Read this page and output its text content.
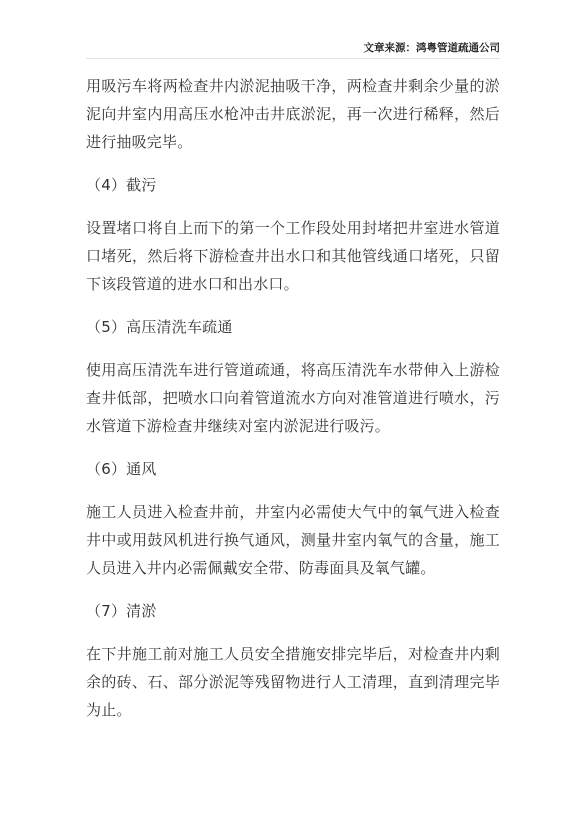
文章来源：鸿粤管道疏通公司

用吸污车将两检查井内淤泥抽吸干净，两检查井剩余少量的淤泥向井室内用高压水枪冲击井底淤泥，再一次进行稀释，然后进行抽吸完毕。

（4）截污

设置堵口将自上而下的第一个工作段处用封堵把井室进水管道口堵死，然后将下游检查井出水口和其他管线通口堵死，只留下该段管道的进水口和出水口。

（5）高压清洗车疏通

使用高压清洗车进行管道疏通，将高压清洗车水带伸入上游检查井低部，把喷水口向着管道流水方向对准管道进行喷水，污水管道下游检查井继续对室内淤泥进行吸污。

（6）通风

施工人员进入检查井前，井室内必需使大气中的氧气进入检查井中或用鼓风机进行换气通风，测量井室内氧气的含量，施工人员进入井内必需佩戴安全带、防毒面具及氧气罐。

（7）清淤

在下井施工前对施工人员安全措施安排完毕后，对检查井内剩余的砖、石、部分淤泥等残留物进行人工清理，直到清理完毕为止。
